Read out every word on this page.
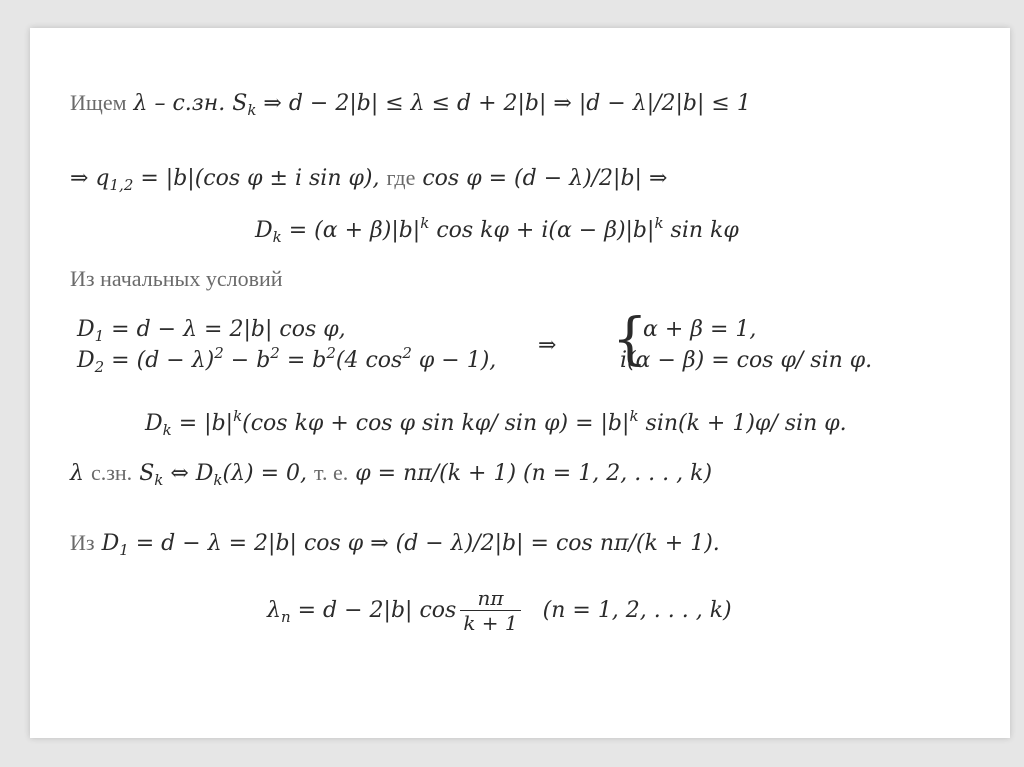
Ищем λ – с.зн. $S_k$ ⇒ d − 2|b| ≤ λ ≤ d + 2|b| ⇒ |d − λ|/2|b| ≤ 1
⇒ $q_{1,2} = |b|(\cos$ φ ± i sin φ), где cos φ = (d − λ)/2|b| ⇒
$D_k = (\alpha + \beta)|b|^k$ $\cos k\varphi + i(\alpha - \beta)|b|^k$ sin kφ
Из начальных условий
$D_1 = d - \lambda = 2|b|$ cos φ,
$D_2 = (d - \lambda)^2 - b^2 = b^2(4$ $\cos^2 \varphi - 1$),
⇒ {
α + β = 1,
i(α − β) = cos φ/ sin φ.
$D_k = |b|^k(\cos$ kφ + cos φ sin kφ/ $\sin \varphi) = |b|^k$ sin(k + 1)φ/ sin φ.
λ с.зн. $S_k$ ⇔ $D_k(\lambda) = 0$, т. е. φ = nπ/(k + 1) (n = 1, 2, . . . , k)
Из $D_1 = d - \lambda = 2|b|$ cos φ ⇒ (d − λ)/2|b| = cos nπ/(k + 1).
$\lambda_n = d - 2|b|$ $\cos \frac{n\pi}{k + 1} (n = 1$, 2, . . . , k)
